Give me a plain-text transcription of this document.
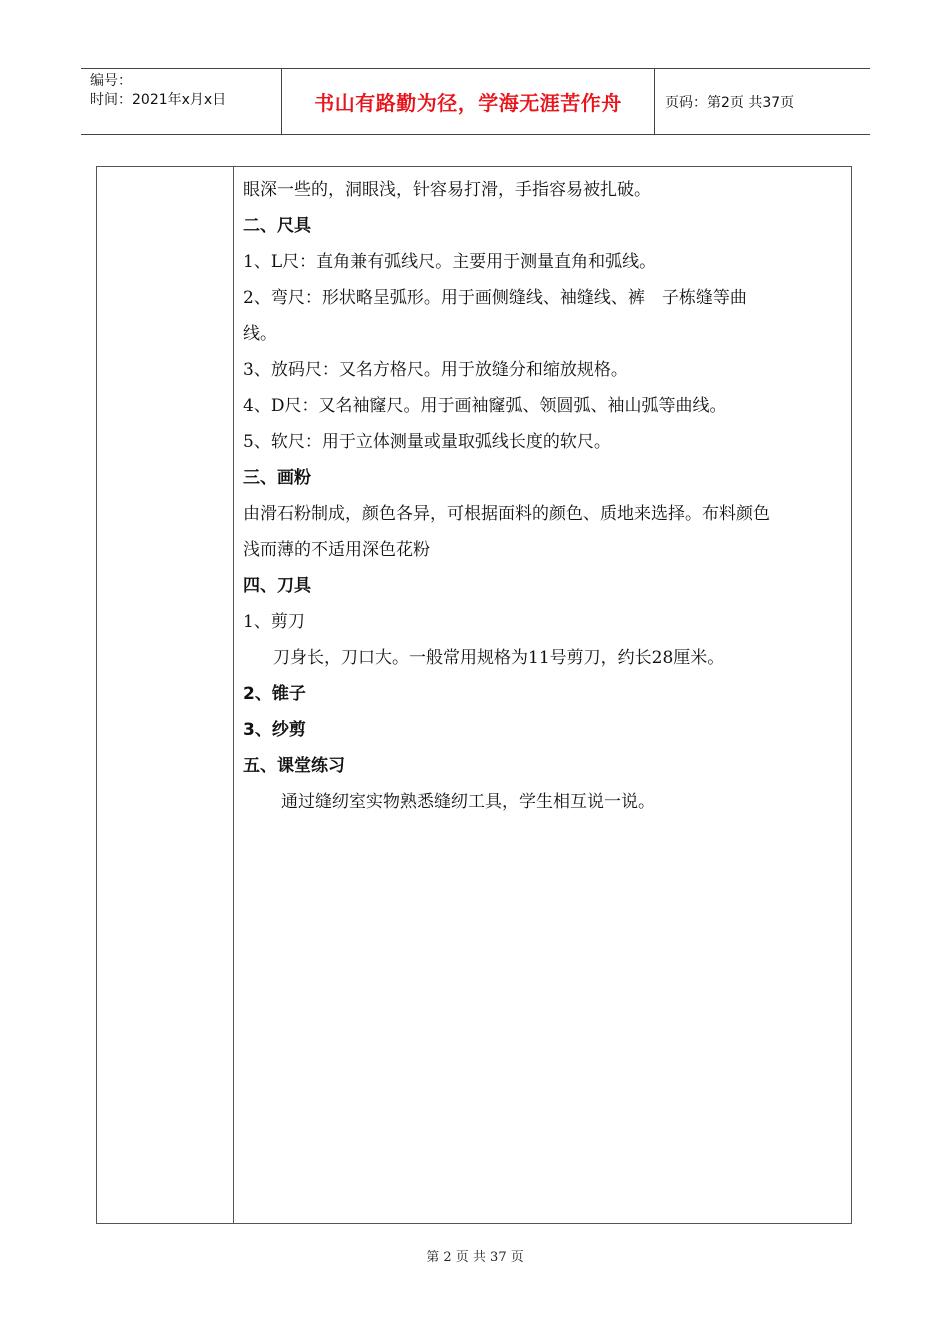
编号：
时间：2021年x月x日	书山有路勤为径，学海无涯苦作舟	页码：第2页 共37页
眼深一些的，洞眼浅，针容易打滑，手指容易被扎破。
二、尺具
1、L尺：直角兼有弧线尺。主要用于测量直角和弧线。
2、弯尺：形状略呈弧形。用于画侧缝线、袖缝线、裤　子栋缝等曲
线。
3、放码尺：又名方格尺。用于放缝分和缩放规格。
4、D尺：又名袖窿尺。用于画袖窿弧、领圆弧、袖山弧等曲线。
5、软尺：用于立体测量或量取弧线长度的软尺。
三、画粉
由滑石粉制成，颜色各异，可根据面料的颜色、质地来选择。布料颜色
浅而薄的不适用深色花粉
四、刀具
1、剪刀
刀身长，刀口大。一般常用规格为11号剪刀，约长28厘米。
2、锥子
3、纱剪
五、课堂练习
通过缝纫室实物熟悉缝纫工具，学生相互说一说。
第 2 页 共 37 页
